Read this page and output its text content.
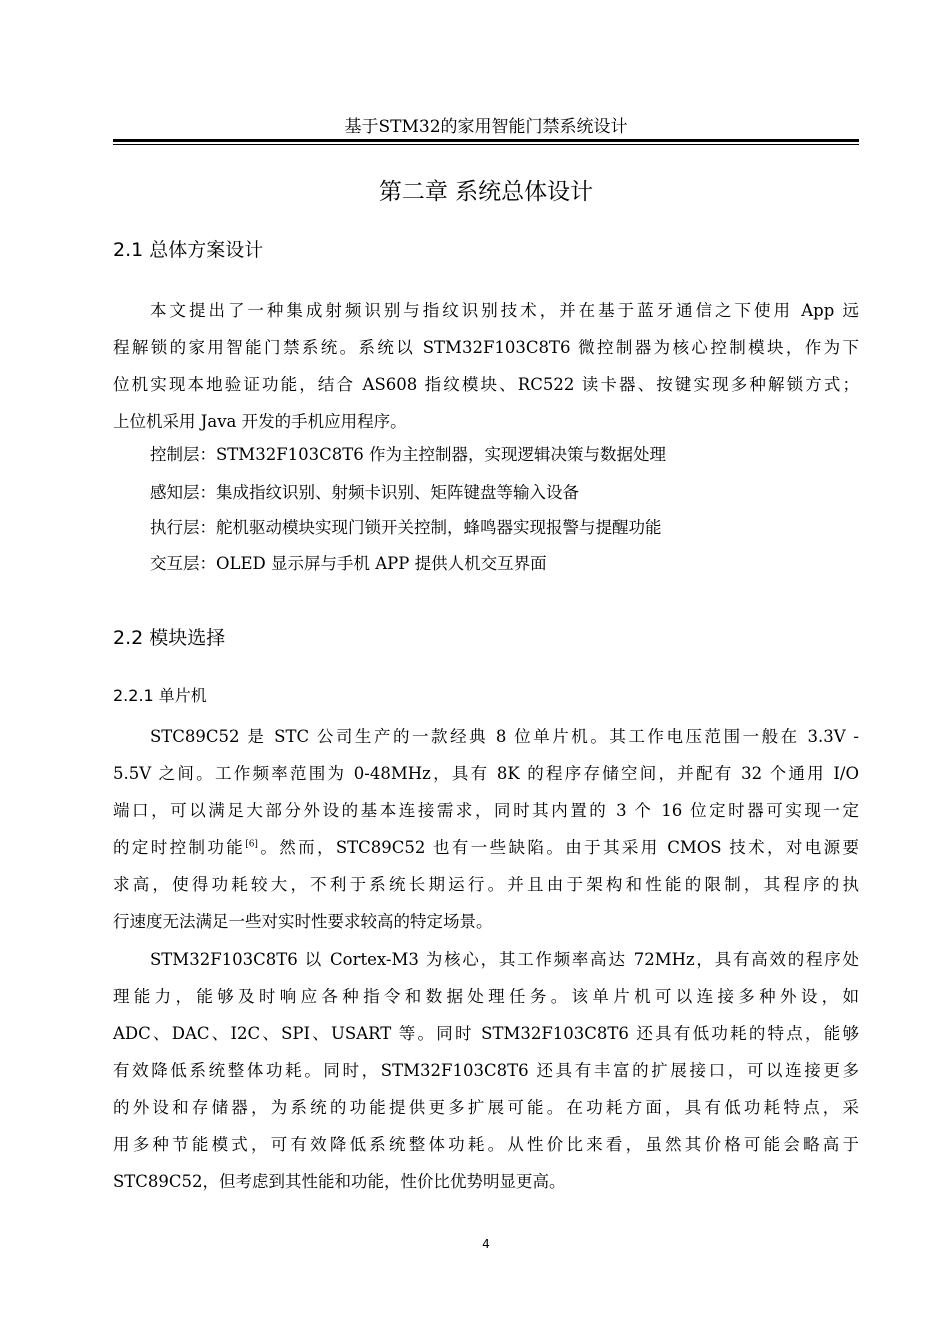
基于STM32的家用智能门禁系统设计
第二章 系统总体设计
2.1 总体方案设计
本文提出了一种集成射频识别与指纹识别技术，并在基于蓝牙通信之下使用 App 远
程解锁的家用智能门禁系统。系统以 STM32F103C8T6 微控制器为核心控制模块，作为下
位机实现本地验证功能，结合 AS608 指纹模块、RC522 读卡器、按键实现多种解锁方式；
上位机采用 Java 开发的手机应用程序。
控制层：STM32F103C8T6 作为主控制器，实现逻辑决策与数据处理
感知层：集成指纹识别、射频卡识别、矩阵键盘等输入设备
执行层：舵机驱动模块实现门锁开关控制，蜂鸣器实现报警与提醒功能
交互层：OLED 显示屏与手机 APP 提供人机交互界面
2.2 模块选择
2.2.1 单片机
STC89C52 是 STC 公司生产的一款经典 8 位单片机。其工作电压范围一般在 3.3V -
5.5V 之间。工作频率范围为 0-48MHz，具有 8K 的程序存储空间，并配有 32 个通用 I/O
端口，可以满足大部分外设的基本连接需求，同时其内置的 3 个 16 位定时器可实现一定
的定时控制功能[6]。然而，STC89C52 也有一些缺陷。由于其采用 CMOS 技术，对电源要
求高，使得功耗较大，不利于系统长期运行。并且由于架构和性能的限制，其程序的执
行速度无法满足一些对实时性要求较高的特定场景。
STM32F103C8T6 以 Cortex-M3 为核心，其工作频率高达 72MHz，具有高效的程序处
理能力，能够及时响应各种指令和数据处理任务。该单片机可以连接多种外设，如
ADC、DAC、I2C、SPI、USART 等。同时 STM32F103C8T6 还具有低功耗的特点，能够
有效降低系统整体功耗。同时，STM32F103C8T6 还具有丰富的扩展接口，可以连接更多
的外设和存储器，为系统的功能提供更多扩展可能。在功耗方面，具有低功耗特点，采
用多种节能模式，可有效降低系统整体功耗。从性价比来看，虽然其价格可能会略高于
STC89C52，但考虑到其性能和功能，性价比优势明显更高。
4
